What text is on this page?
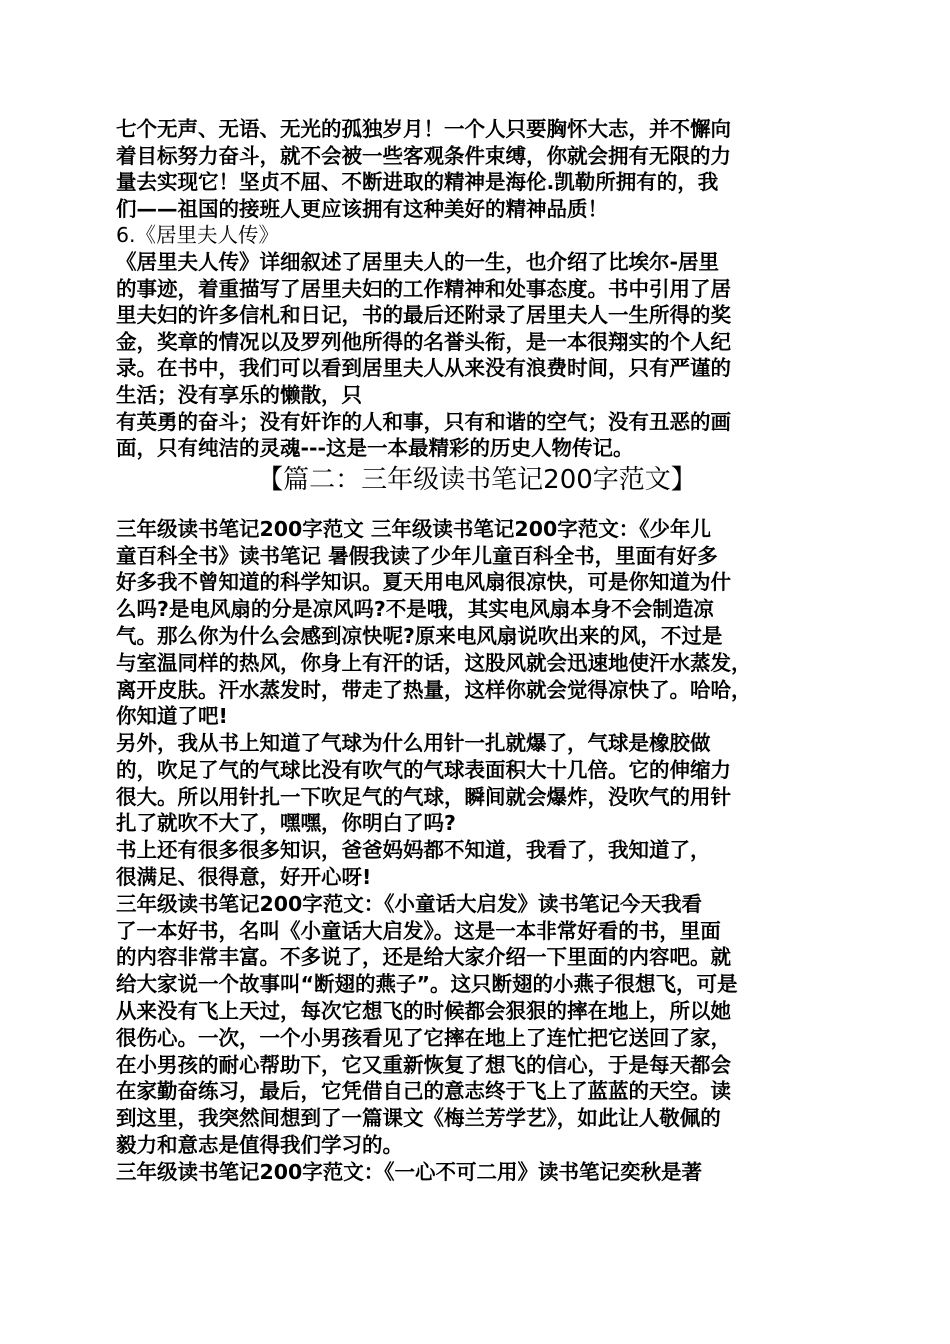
七个无声、无语、无光的孤独岁月！一个人只要胸怀大志，并不懈向
着目标努力奋斗，就不会被一些客观条件束缚，你就会拥有无限的力
量去实现它！坚贞不屈、不断进取的精神是海伦.凯勒所拥有的，我
们——祖国的接班人更应该拥有这种美好的精神品质！
6.《居里夫人传》
《居里夫人传》详细叙述了居里夫人的一生，也介绍了比埃尔-居里
的事迹，着重描写了居里夫妇的工作精神和处事态度。书中引用了居
里夫妇的许多信札和日记，书的最后还附录了居里夫人一生所得的奖
金，奖章的情况以及罗列他所得的名誉头衔，是一本很翔实的个人纪
录。在书中，我们可以看到居里夫人从来没有浪费时间，只有严谨的
生活；没有享乐的懒散，只
有英勇的奋斗；没有奸诈的人和事，只有和谐的空气；没有丑恶的画
面，只有纯洁的灵魂---这是一本最精彩的历史人物传记。
【篇二：三年级读书笔记200字范文】
三年级读书笔记200字范文 三年级读书笔记200字范文：《少年儿
童百科全书》读书笔记 暑假我读了少年儿童百科全书，里面有好多
好多我不曾知道的科学知识。夏天用电风扇很凉快，可是你知道为什
么吗?是电风扇的分是凉风吗?不是哦，其实电风扇本身不会制造凉
气。那么你为什么会感到凉快呢?原来电风扇说吹出来的风，不过是
与室温同样的热风，你身上有汗的话，这股风就会迅速地使汗水蒸发，
离开皮肤。汗水蒸发时，带走了热量，这样你就会觉得凉快了。哈哈，
你知道了吧!
另外，我从书上知道了气球为什么用针一扎就爆了，气球是橡胶做
的，吹足了气的气球比没有吹气的气球表面积大十几倍。它的伸缩力
很大。所以用针扎一下吹足气的气球，瞬间就会爆炸，没吹气的用针
扎了就吹不大了，嘿嘿，你明白了吗?
书上还有很多很多知识，爸爸妈妈都不知道，我看了，我知道了，
很满足、很得意，好开心呀!
三年级读书笔记200字范文：《小童话大启发》读书笔记今天我看
了一本好书，名叫《小童话大启发》。这是一本非常好看的书，里面
的内容非常丰富。不多说了，还是给大家介绍一下里面的内容吧。就
给大家说一个故事叫“断翅的燕子”。这只断翅的小燕子很想飞，可是
从来没有飞上天过，每次它想飞的时候都会狠狠的摔在地上，所以她
很伤心。一次，一个小男孩看见了它摔在地上了连忙把它送回了家，
在小男孩的耐心帮助下，它又重新恢复了想飞的信心，于是每天都会
在家勤奋练习，最后，它凭借自己的意志终于飞上了蓝蓝的天空。读
到这里，我突然间想到了一篇课文《梅兰芳学艺》，如此让人敬佩的
毅力和意志是值得我们学习的。
三年级读书笔记200字范文：《一心不可二用》读书笔记奕秋是著
